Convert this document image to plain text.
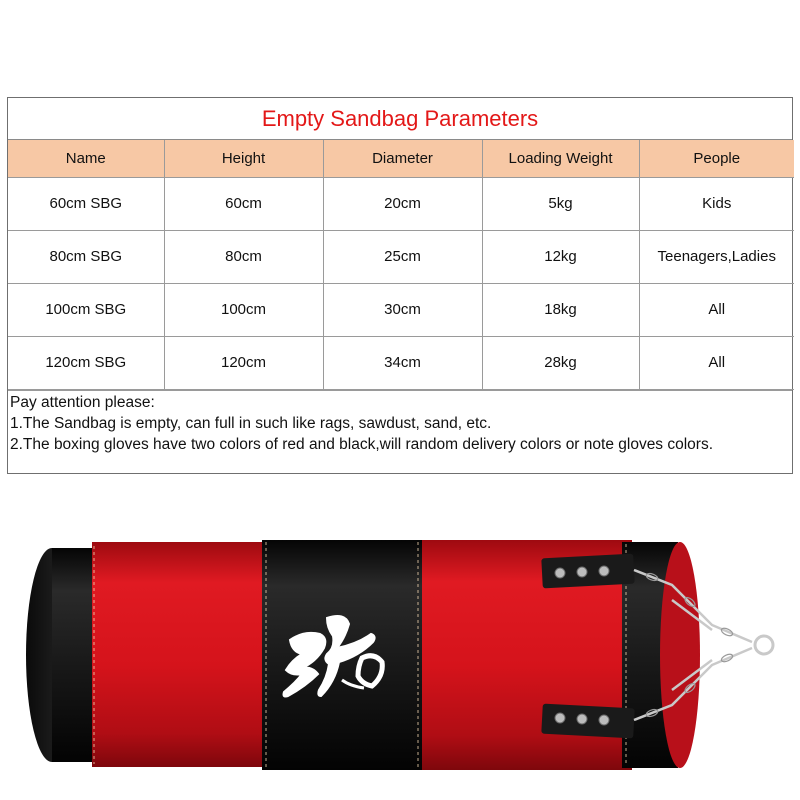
Empty Sandbag Parameters
Name	Height	Diameter	Loading Weight	People
60cm SBG	60cm	20cm	5kg	Kids
80cm SBG	80cm	25cm	12kg	Teenagers,Ladies
100cm SBG	100cm	30cm	18kg	All
120cm SBG	120cm	34cm	28kg	All
Pay attention please:
1.The Sandbag is empty, can full in such like rags, sawdust, sand, etc.
2.The boxing gloves have two colors of red and black,will random delivery colors or note gloves colors.
